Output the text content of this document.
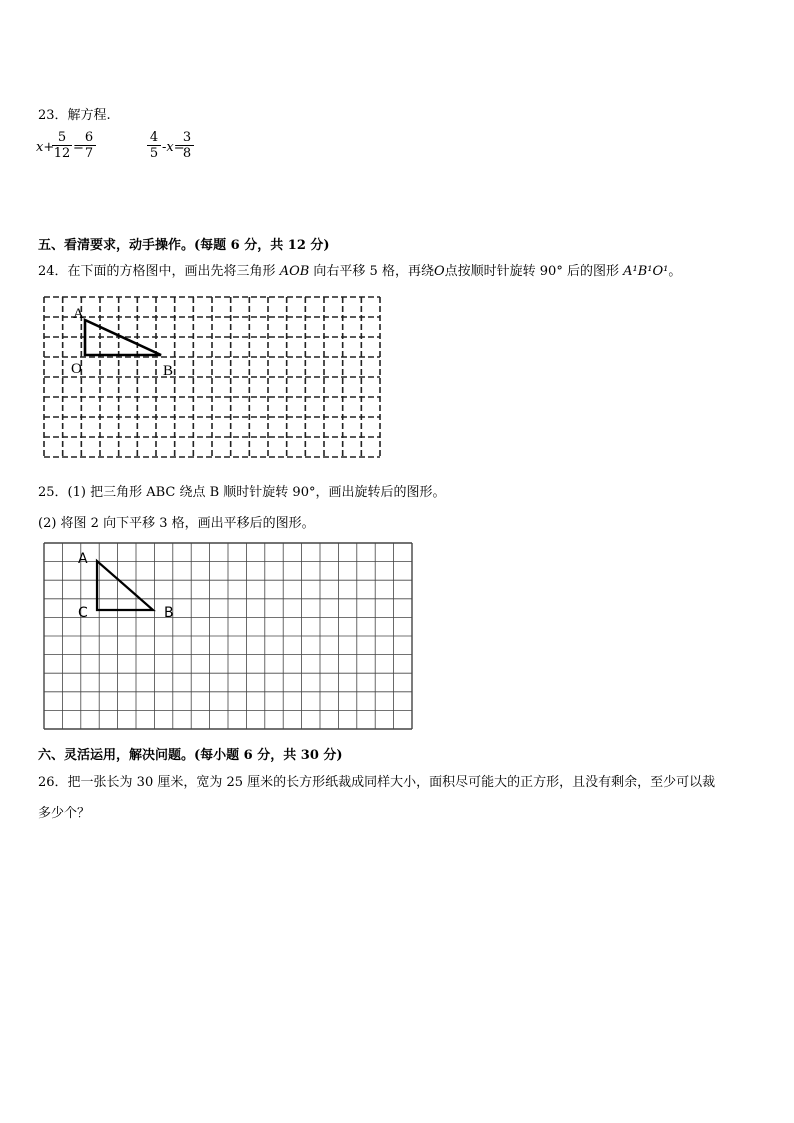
23．解方程.
x+
$\frac{5}{12}$ =
$\frac{6}{7}$	$\frac{4}{5} -x=$
$\frac{3}{8}$
五、看清要求，动手操作。(每题 6 分，共 12 分)
24．在下面的方格图中，画出先将三角形 AOB 向右平移 5 格，再绕O点按顺时针旋转 90° 后的图形 A¹B¹O¹。
A
O	B
25．(1) 把三角形 ABC 绕点 B 顺时针旋转 90°，画出旋转后的图形。
(2) 将图 2 向下平移 3 格，画出平移后的图形。
A
C	B
六、灵活运用，解决问题。(每小题 6 分，共 30 分)
26．把一张长为 30 厘米，宽为 25 厘米的长方形纸裁成同样大小，面积尽可能大的正方形，且没有剩余，至少可以裁
多少个？
